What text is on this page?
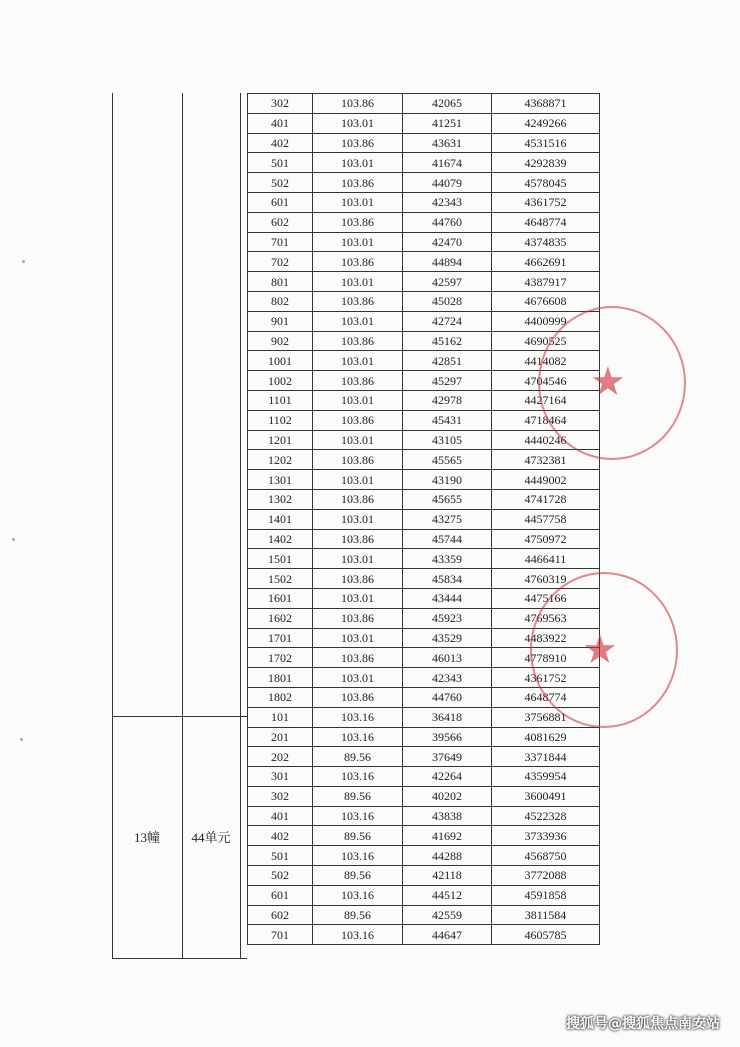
13幢	44单元
302	103.86	42065	4368871
401	103.01	41251	4249266
402	103.86	43631	4531516
501	103.01	41674	4292839
502	103.86	44079	4578045
601	103.01	42343	4361752
602	103.86	44760	4648774
701	103.01	42470	4374835
702	103.86	44894	4662691
801	103.01	42597	4387917
802	103.86	45028	4676608
901	103.01	42724	4400999
902	103.86	45162	4690525
1001	103.01	42851	4414082
1002	103.86	45297	4704546
1101	103.01	42978	4427164
1102	103.86	45431	4718464
1201	103.01	43105	4440246
1202	103.86	45565	4732381
1301	103.01	43190	4449002
1302	103.86	45655	4741728
1401	103.01	43275	4457758
1402	103.86	45744	4750972
1501	103.01	43359	4466411
1502	103.86	45834	4760319
1601	103.01	43444	4475166
1602	103.86	45923	4769563
1701	103.01	43529	4483922
1702	103.86	46013	4778910
1801	103.01	42343	4361752
1802	103.86	44760	4648774
101	103.16	36418	3756881
201	103.16	39566	4081629
202	89.56	37649	3371844
301	103.16	42264	4359954
302	89.56	40202	3600491
401	103.16	43838	4522328
402	89.56	41692	3733936
501	103.16	44288	4568750
502	89.56	42118	3772088
601	103.16	44512	4591858
602	89.56	42559	3811584
701	103.16	44647	4605785
★
★
搜狐号@搜狐焦点南安站
